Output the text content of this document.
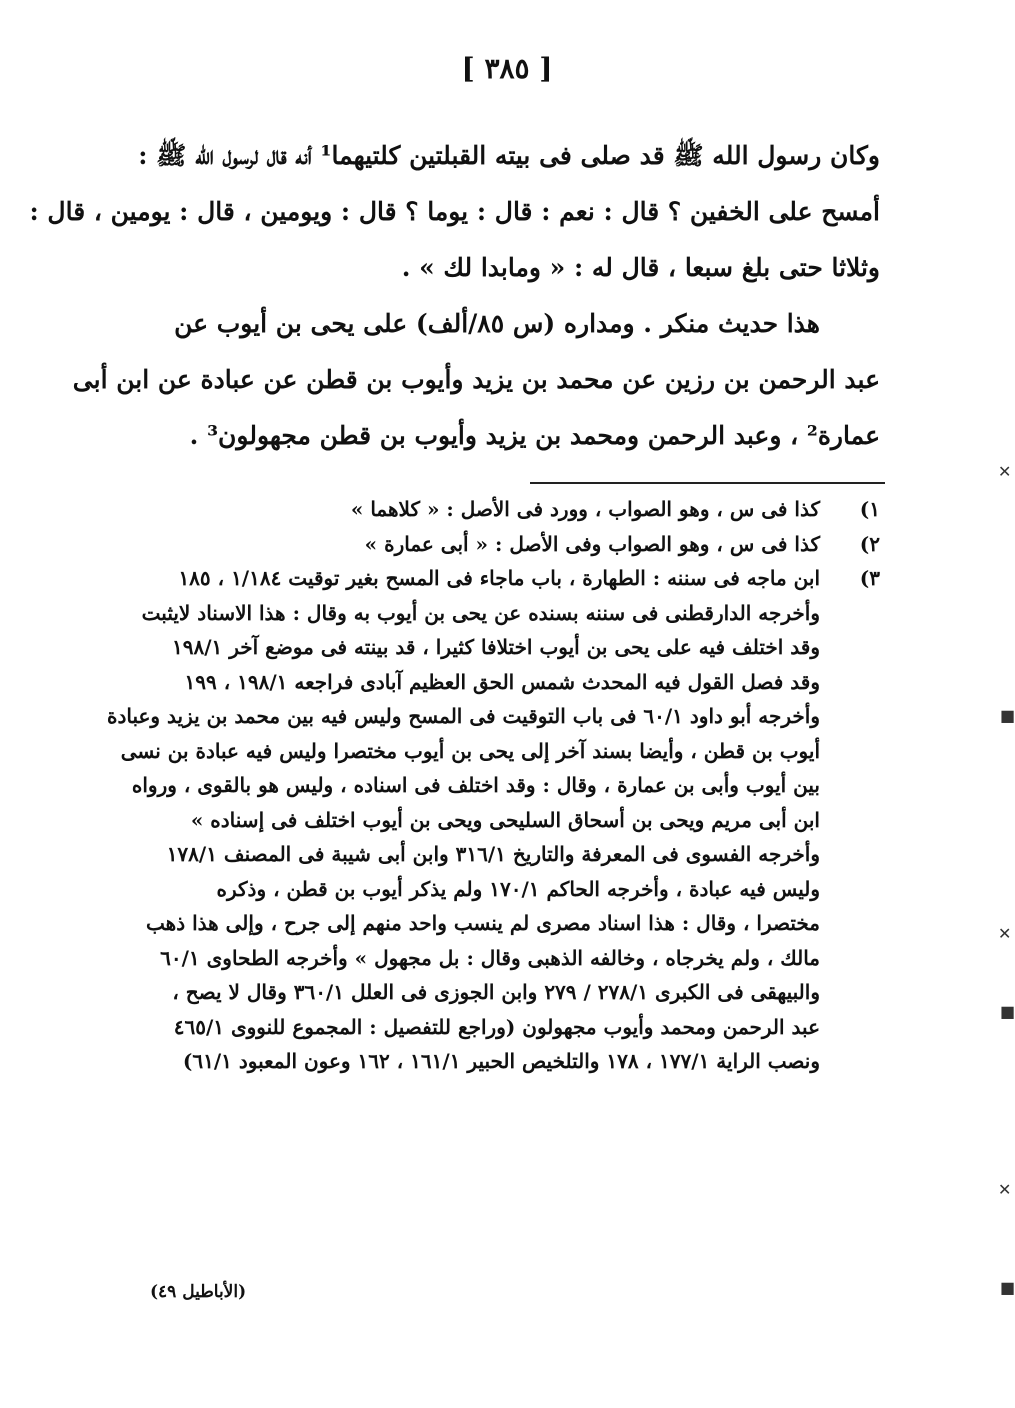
[ ٣٨٥ ]
وكان رسول الله ﷺ قد صلى فى بيته القبلتين كلتيهما¹ أنه قال لرسول الله ﷺ :
أمسح على الخفين ؟ قال : نعم : قال : يوما ؟ قال : ويومين ، قال : يومين ، قال :
وثلاثا حتى بلغ سبعا ، قال له : « ومابدا لك » .
هذا حديث منكر . ومداره (س ٨٥/ألف) على يحى بن أيوب عن
عبد الرحمن بن رزين عن محمد بن يزيد وأيوب بن قطن عن عبادة عن ابن أبى
عمارة² ، وعبد الرحمن ومحمد بن يزيد وأيوب بن قطن مجهولون³ .
١)
كذا فى س ، وهو الصواب ، وورد فى الأصل : « كلاهما »
٢)
كذا فى س ، وهو الصواب وفى الأصل : « أبى عمارة »
٣)
ابن ماجه فى سننه : الطهارة ، باب ماجاء فى المسح بغير توقيت ١/١٨٤ ، ١٨٥
وأخرجه الدارقطنى فى سننه بسنده عن يحى بن أيوب به وقال : هذا الاسناد لايثبت
وقد اختلف فيه على يحى بن أيوب اختلافا كثيرا ، قد بينته فى موضع آخر ١٩٨/١
وقد فصل القول فيه المحدث شمس الحق العظيم آبادى فراجعه ١٩٨/١ ، ١٩٩
وأخرجه أبو داود ٦٠/١ فى باب التوقيت فى المسح وليس فيه بين محمد بن يزيد وعبادة
أيوب بن قطن ، وأيضا بسند آخر إلى يحى بن أيوب مختصرا وليس فيه عبادة بن نسى
بين أيوب وأبى بن عمارة ، وقال : وقد اختلف فى اسناده ، وليس هو بالقوى ، ورواه
ابن أبى مريم ويحى بن أسحاق السليحى ويحى بن أيوب اختلف فى إسناده »
وأخرجه الفسوى فى المعرفة والتاريخ ٣١٦/١ وابن أبى شيبة فى المصنف ١٧٨/١
وليس فيه عبادة ، وأخرجه الحاكم ١٧٠/١ ولم يذكر أيوب بن قطن ، وذكره
مختصرا ، وقال : هذا اسناد مصرى لم ينسب واحد منهم إلى جرح ، وإلى هذا ذهب
مالك ، ولم يخرجاه ، وخالفه الذهبى وقال : بل مجهول » وأخرجه الطحاوى ٦٠/١
والبيهقى فى الكبرى ٢٧٨/١ / ٢٧٩ وابن الجوزى فى العلل ٣٦٠/١ وقال لا يصح ،
عبد الرحمن ومحمد وأيوب مجهولون (وراجع للتفصيل : المجموع للنووى ٤٦٥/١
ونصب الراية ١٧٧/١ ، ١٧٨ والتلخيص الحبير ١٦١/١ ، ١٦٢ وعون المعبود ٦١/١)
(الأباطيل ٤٩)
✕
■
✕
■
✕
■
